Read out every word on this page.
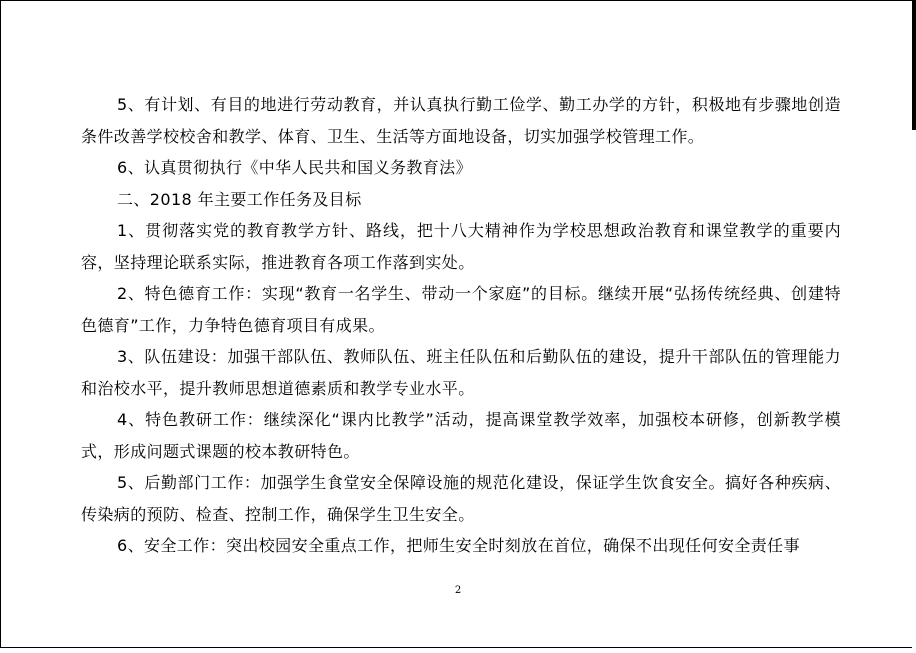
5、有计划、有目的地进行劳动教育，并认真执行勤工俭学、勤工办学的方针，积极地有步骤地创造条件改善学校校舍和教学、体育、卫生、生活等方面地设备，切实加强学校管理工作。

6、认真贯彻执行《中华人民共和国义务教育法》

二、2018 年主要工作任务及目标

1、贯彻落实党的教育教学方针、路线，把十八大精神作为学校思想政治教育和课堂教学的重要内容，坚持理论联系实际，推进教育各项工作落到实处。

2、特色德育工作：实现“教育一名学生、带动一个家庭”的目标。继续开展“弘扬传统经典、创建特色德育”工作，力争特色德育项目有成果。

3、队伍建设：加强干部队伍、教师队伍、班主任队伍和后勤队伍的建设，提升干部队伍的管理能力和治校水平，提升教师思想道德素质和教学专业水平。

4、特色教研工作：继续深化“课内比教学”活动，提高课堂教学效率，加强校本研修，创新教学模式，形成问题式课题的校本教研特色。

5、后勤部门工作：加强学生食堂安全保障设施的规范化建设，保证学生饮食安全。搞好各种疾病、传染病的预防、检查、控制工作，确保学生卫生安全。

6、安全工作：突出校园安全重点工作，把师生安全时刻放在首位，确保不出现任何安全责任事

2
